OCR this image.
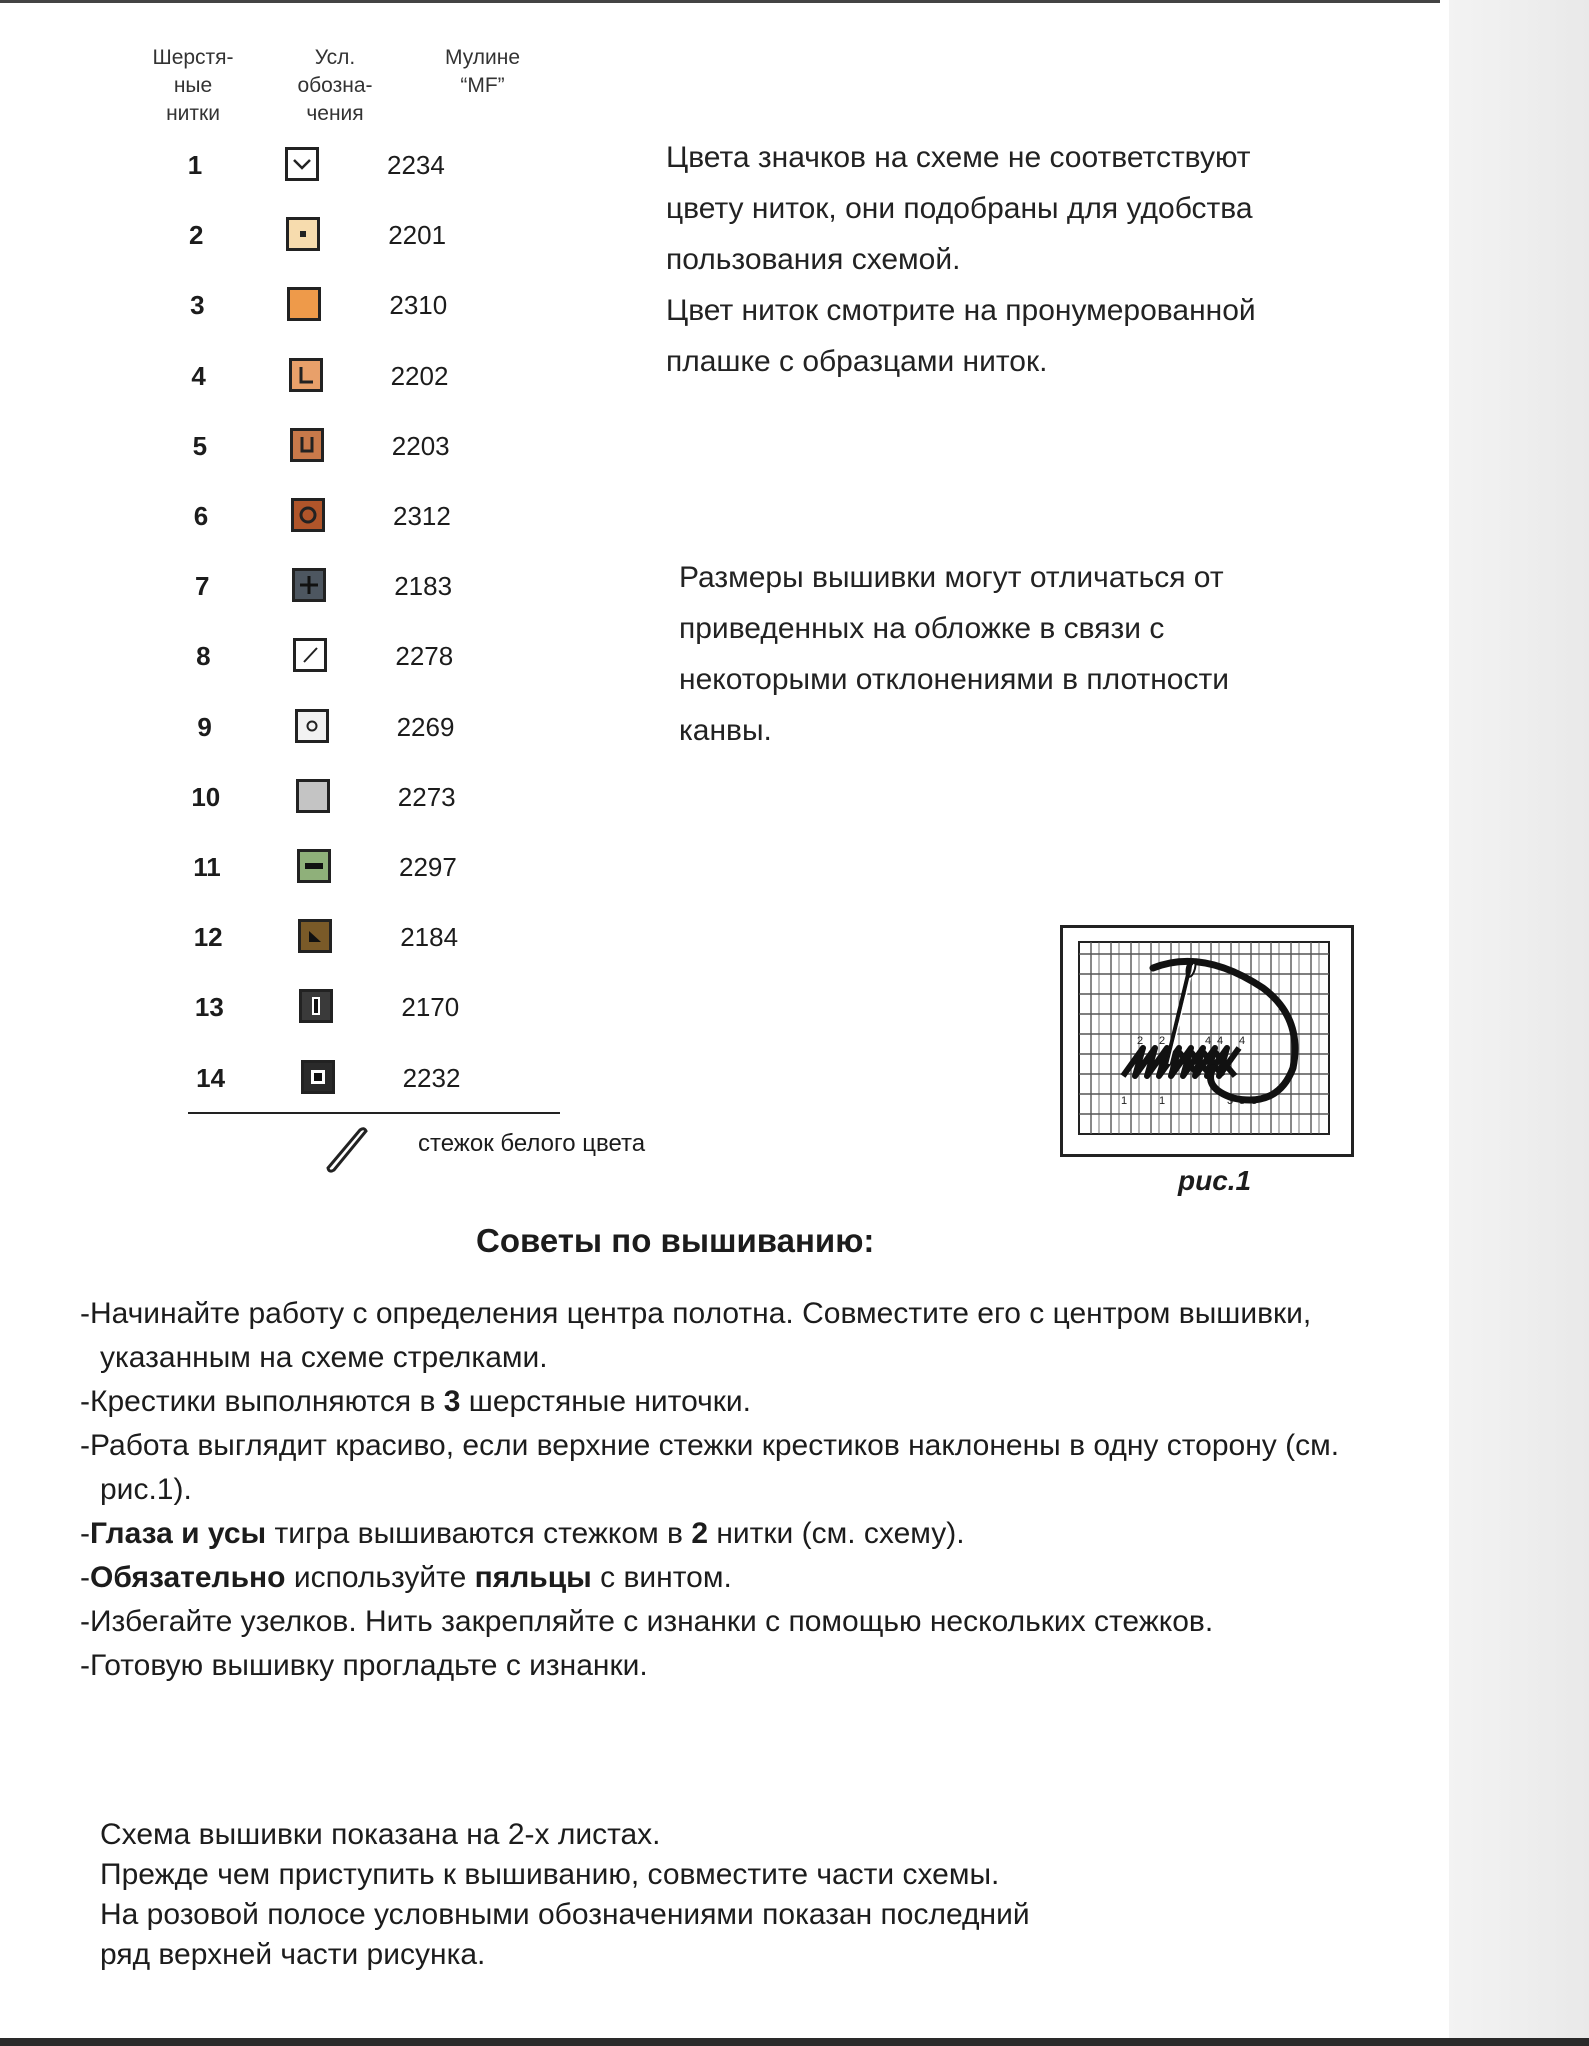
Шерстя-
ные
нитки
Усл.
обозна-
чения
Мулине
“MF”
1	2234
2	2201
3	2310
4	2202
5	2203
6	2312
7	2183
8	2278
9	2269
10	2273
11	2297
12	2184
13	2170
14	2232
стежок белого цвета
Цвета значков на схеме не соответствуют
цвету ниток, они подобраны для удобства
пользования схемой.
Цвет ниток смотрите на пронумерованной
плашке с образцами ниток.
Размеры вышивки могут отличаться от
приведенных на обложке в связи с
некоторыми отклонениями в плотности
канвы.
2 2	4 4 4
1	1	3 3 3
рис.1
Советы по вышиванию:
-Начинайте работу с определения центра полотна. Совместите его с центром вышивки, указанным на схеме стрелками.
-Крестики выполняются в 3 шерстяные ниточки.
-Работа выглядит красиво, если верхние стежки крестиков наклонены в одну сторону (см. рис.1).
-Глаза и усы тигра вышиваются стежком в 2 нитки (см. схему).
-Обязательно используйте пяльцы с винтом.
-Избегайте узелков. Нить закрепляйте с изнанки с помощью нескольких стежков.
-Готовую вышивку прогладьте с изнанки.
Схема вышивки показана на 2-х листах.
Прежде чем приступить к вышиванию, совместите части схемы.
На розовой полосе условными обозначениями показан последний
ряд верхней части рисунка.
